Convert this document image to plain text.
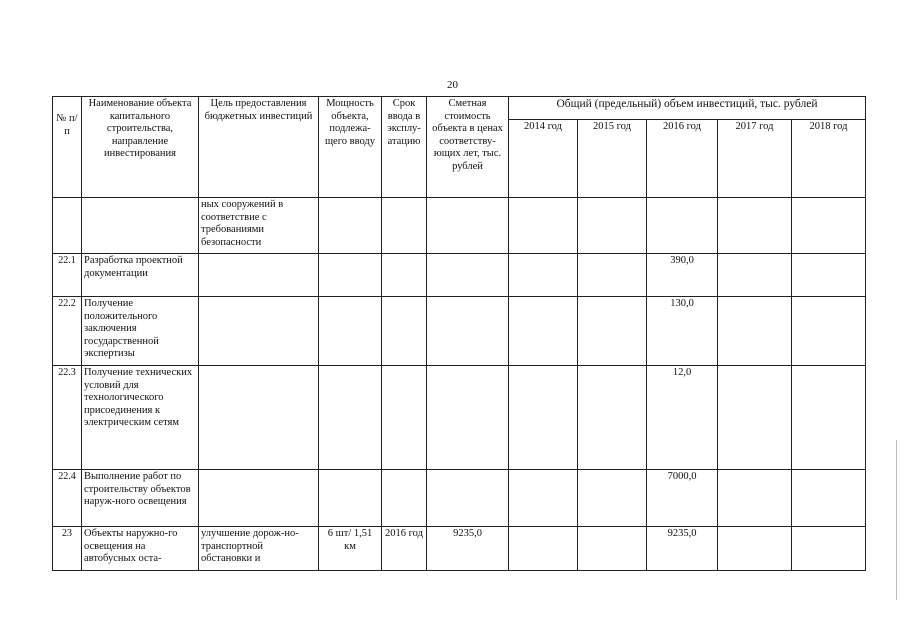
20
№ п/п	Наименование объекта капитального строительства, направление инвестирования	Цель предоставления бюджетных инвестиций	Мощность объекта, подлежа-щего вводу	Срок ввода в эксплу-атацию	Сметная стоимость объекта в ценах соответству-ющих лет, тыс. рублей	Общий (предельный) объем инвестиций, тыс. рублей				
						2014 год	2015 год	2016 год	2017 год	2018 год
		ных сооружений в соответствие с требованиями безопасности								
22.1	Разработка проектной документации							390,0		
22.2	Получение положительного заключения государственной экспертизы							130,0		
22.3	Получение технических условий для технологического присоединения к электрическим сетям							12,0		
22.4	Выполнение работ по строительству объектов наруж-ного освещения							7000,0		
23	Объекты наружно-го освещения на автобусных оста-	улучшение дорож-но-транспортной обстановки и	6 шт/ 1,51 км	2016 год	9235,0			9235,0		
